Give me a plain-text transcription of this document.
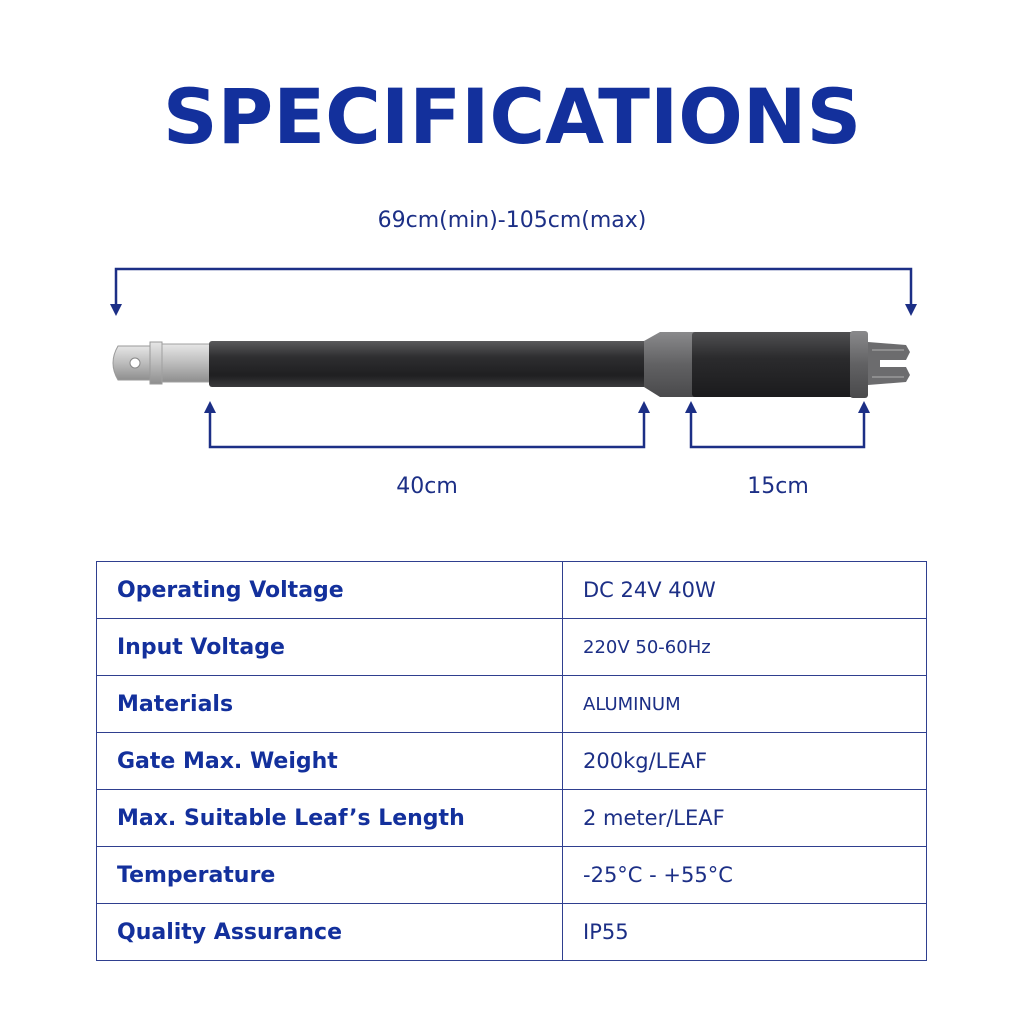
SPECIFICATIONS
69cm(min)-105cm(max)
40cm	15cm
Operating Voltage	DC 24V 40W
Input Voltage	220V 50-60Hz
Materials	ALUMINUM
Gate Max. Weight	200kg/LEAF
Max. Suitable Leaf’s Length	2 meter/LEAF
Temperature	-25°C - +55°C
Quality Assurance	IP55
